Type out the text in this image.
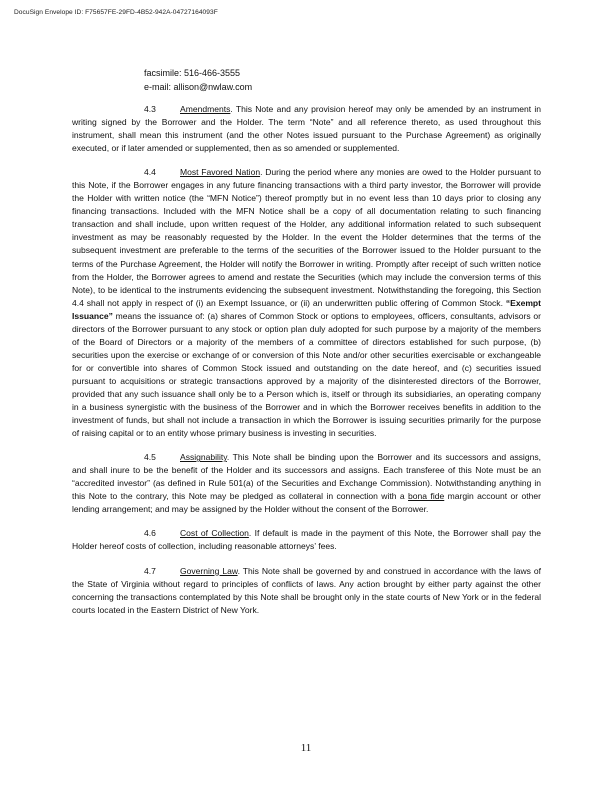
DocuSign Envelope ID: F75657FE-29FD-4B52-942A-04727164093F
facsimile: 516-466-3555
e-mail: allison@nwlaw.com

4.3	Amendments. This Note and any provision hereof may only be amended by an instrument in writing signed by the Borrower and the Holder. The term “Note” and all reference thereto, as used throughout this instrument, shall mean this instrument (and the other Notes issued pursuant to the Purchase Agreement) as originally executed, or if later amended or supplemented, then as so amended or supplemented.

4.4	Most Favored Nation. During the period where any monies are owed to the Holder pursuant to this Note, if the Borrower engages in any future financing transactions with a third party investor, the Borrower will provide the Holder with written notice (the “MFN Notice”) thereof promptly but in no event less than 10 days prior to closing any financing transactions. Included with the MFN Notice shall be a copy of all documentation relating to such financing transaction and shall include, upon written request of the Holder, any additional information related to such subsequent investment as may be reasonably requested by the Holder. In the event the Holder determines that the terms of the subsequent investment are preferable to the terms of the securities of the Borrower issued to the Holder pursuant to the terms of the Purchase Agreement, the Holder will notify the Borrower in writing. Promptly after receipt of such written notice from the Holder, the Borrower agrees to amend and restate the Securities (which may include the conversion terms of this Note), to be identical to the instruments evidencing the subsequent investment. Notwithstanding the foregoing, this Section 4.4 shall not apply in respect of (i) an Exempt Issuance, or (ii) an underwritten public offering of Common Stock. “Exempt Issuance” means the issuance of: (a) shares of Common Stock or options to employees, officers, consultants, advisors or directors of the Borrower pursuant to any stock or option plan duly adopted for such purpose by a majority of the members of the Board of Directors or a majority of the members of a committee of directors established for such purpose, (b) securities upon the exercise or exchange of or conversion of this Note and/or other securities exercisable or exchangeable for or convertible into shares of Common Stock issued and outstanding on the date hereof, and (c) securities issued pursuant to acquisitions or strategic transactions approved by a majority of the disinterested directors of the Borrower, provided that any such issuance shall only be to a Person which is, itself or through its subsidiaries, an operating company in a business synergistic with the business of the Borrower and in which the Borrower receives benefits in addition to the investment of funds, but shall not include a transaction in which the Borrower is issuing securities primarily for the purpose of raising capital or to an entity whose primary business is investing in securities.

4.5	Assignability. This Note shall be binding upon the Borrower and its successors and assigns, and shall inure to be the benefit of the Holder and its successors and assigns. Each transferee of this Note must be an “accredited investor” (as defined in Rule 501(a) of the Securities and Exchange Commission). Notwithstanding anything in this Note to the contrary, this Note may be pledged as collateral in connection with a bona fide margin account or other lending arrangement; and may be assigned by the Holder without the consent of the Borrower.

4.6	Cost of Collection. If default is made in the payment of this Note, the Borrower shall pay the Holder hereof costs of collection, including reasonable attorneys’ fees.

4.7	Governing Law. This Note shall be governed by and construed in accordance with the laws of the State of Virginia without regard to principles of conflicts of laws. Any action brought by either party against the other concerning the transactions contemplated by this Note shall be brought only in the state courts of New York or in the federal courts located in the Eastern District of New York.

11
